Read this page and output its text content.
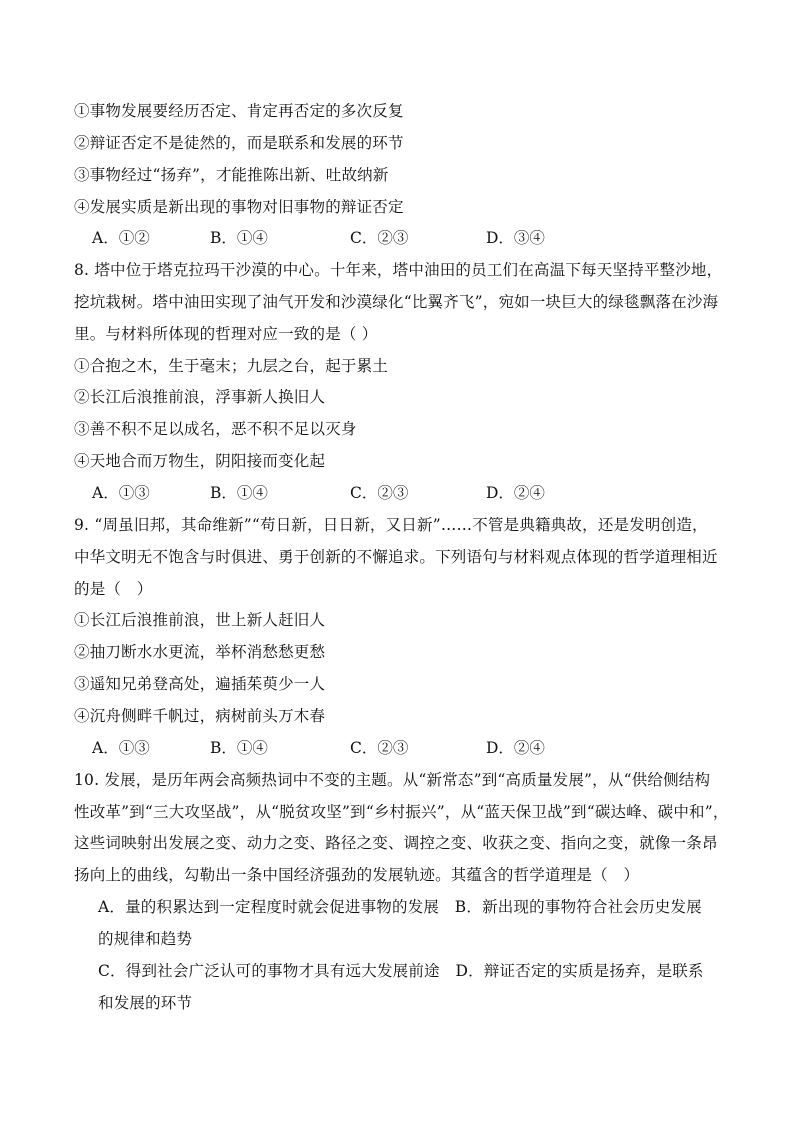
①事物发展要经历否定、肯定再否定的多次反复
②辩证否定不是徒然的，而是联系和发展的环节
③事物经过“扬弃”，才能推陈出新、吐故纳新
④发展实质是新出现的事物对旧事物的辩证否定
A．①②	B．①④	C．②③	D．③④
8. 塔中位于塔克拉玛干沙漠的中心。十年来，塔中油田的员工们在高温下每天坚持平整沙地，
挖坑栽树。塔中油田实现了油气开发和沙漠绿化“比翼齐飞”，宛如一块巨大的绿毯飘落在沙海
里。与材料所体现的哲理对应一致的是（ ）
①合抱之木，生于毫末；九层之台，起于累土
②长江后浪推前浪，浮事新人换旧人
③善不积不足以成名，恶不积不足以灭身
④天地合而万物生，阴阳接而变化起
A．①③	B．①④	C．②③	D．②④
9. “周虽旧邦，其命维新”“苟日新，日日新，又日新”……不管是典籍典故，还是发明创造，
中华文明无不饱含与时俱进、勇于创新的不懈追求。下列语句与材料观点体现的哲学道理相近
的是（　）
①长江后浪推前浪，世上新人赶旧人
②抽刀断水水更流，举杯消愁愁更愁
③遥知兄弟登高处，遍插茱萸少一人
④沉舟侧畔千帆过，病树前头万木春
A．①③	B．①④	C．②③	D．②④
10. 发展，是历年两会高频热词中不变的主题。从“新常态”到“高质量发展”，从“供给侧结构
性改革”到“三大攻坚战”，从“脱贫攻坚”到“乡村振兴”，从“蓝天保卫战”到“碳达峰、碳中和”，
这些词映射出发展之变、动力之变、路径之变、调控之变、收获之变、指向之变，就像一条昂
扬向上的曲线，勾勒出一条中国经济强劲的发展轨迹。其蕴含的哲学道理是（　）
A．量的积累达到一定程度时就会促进事物的发展　B．新出现的事物符合社会历史发展
的规律和趋势
C．得到社会广泛认可的事物才具有远大发展前途　D．辩证否定的实质是扬弃，是联系
和发展的环节
